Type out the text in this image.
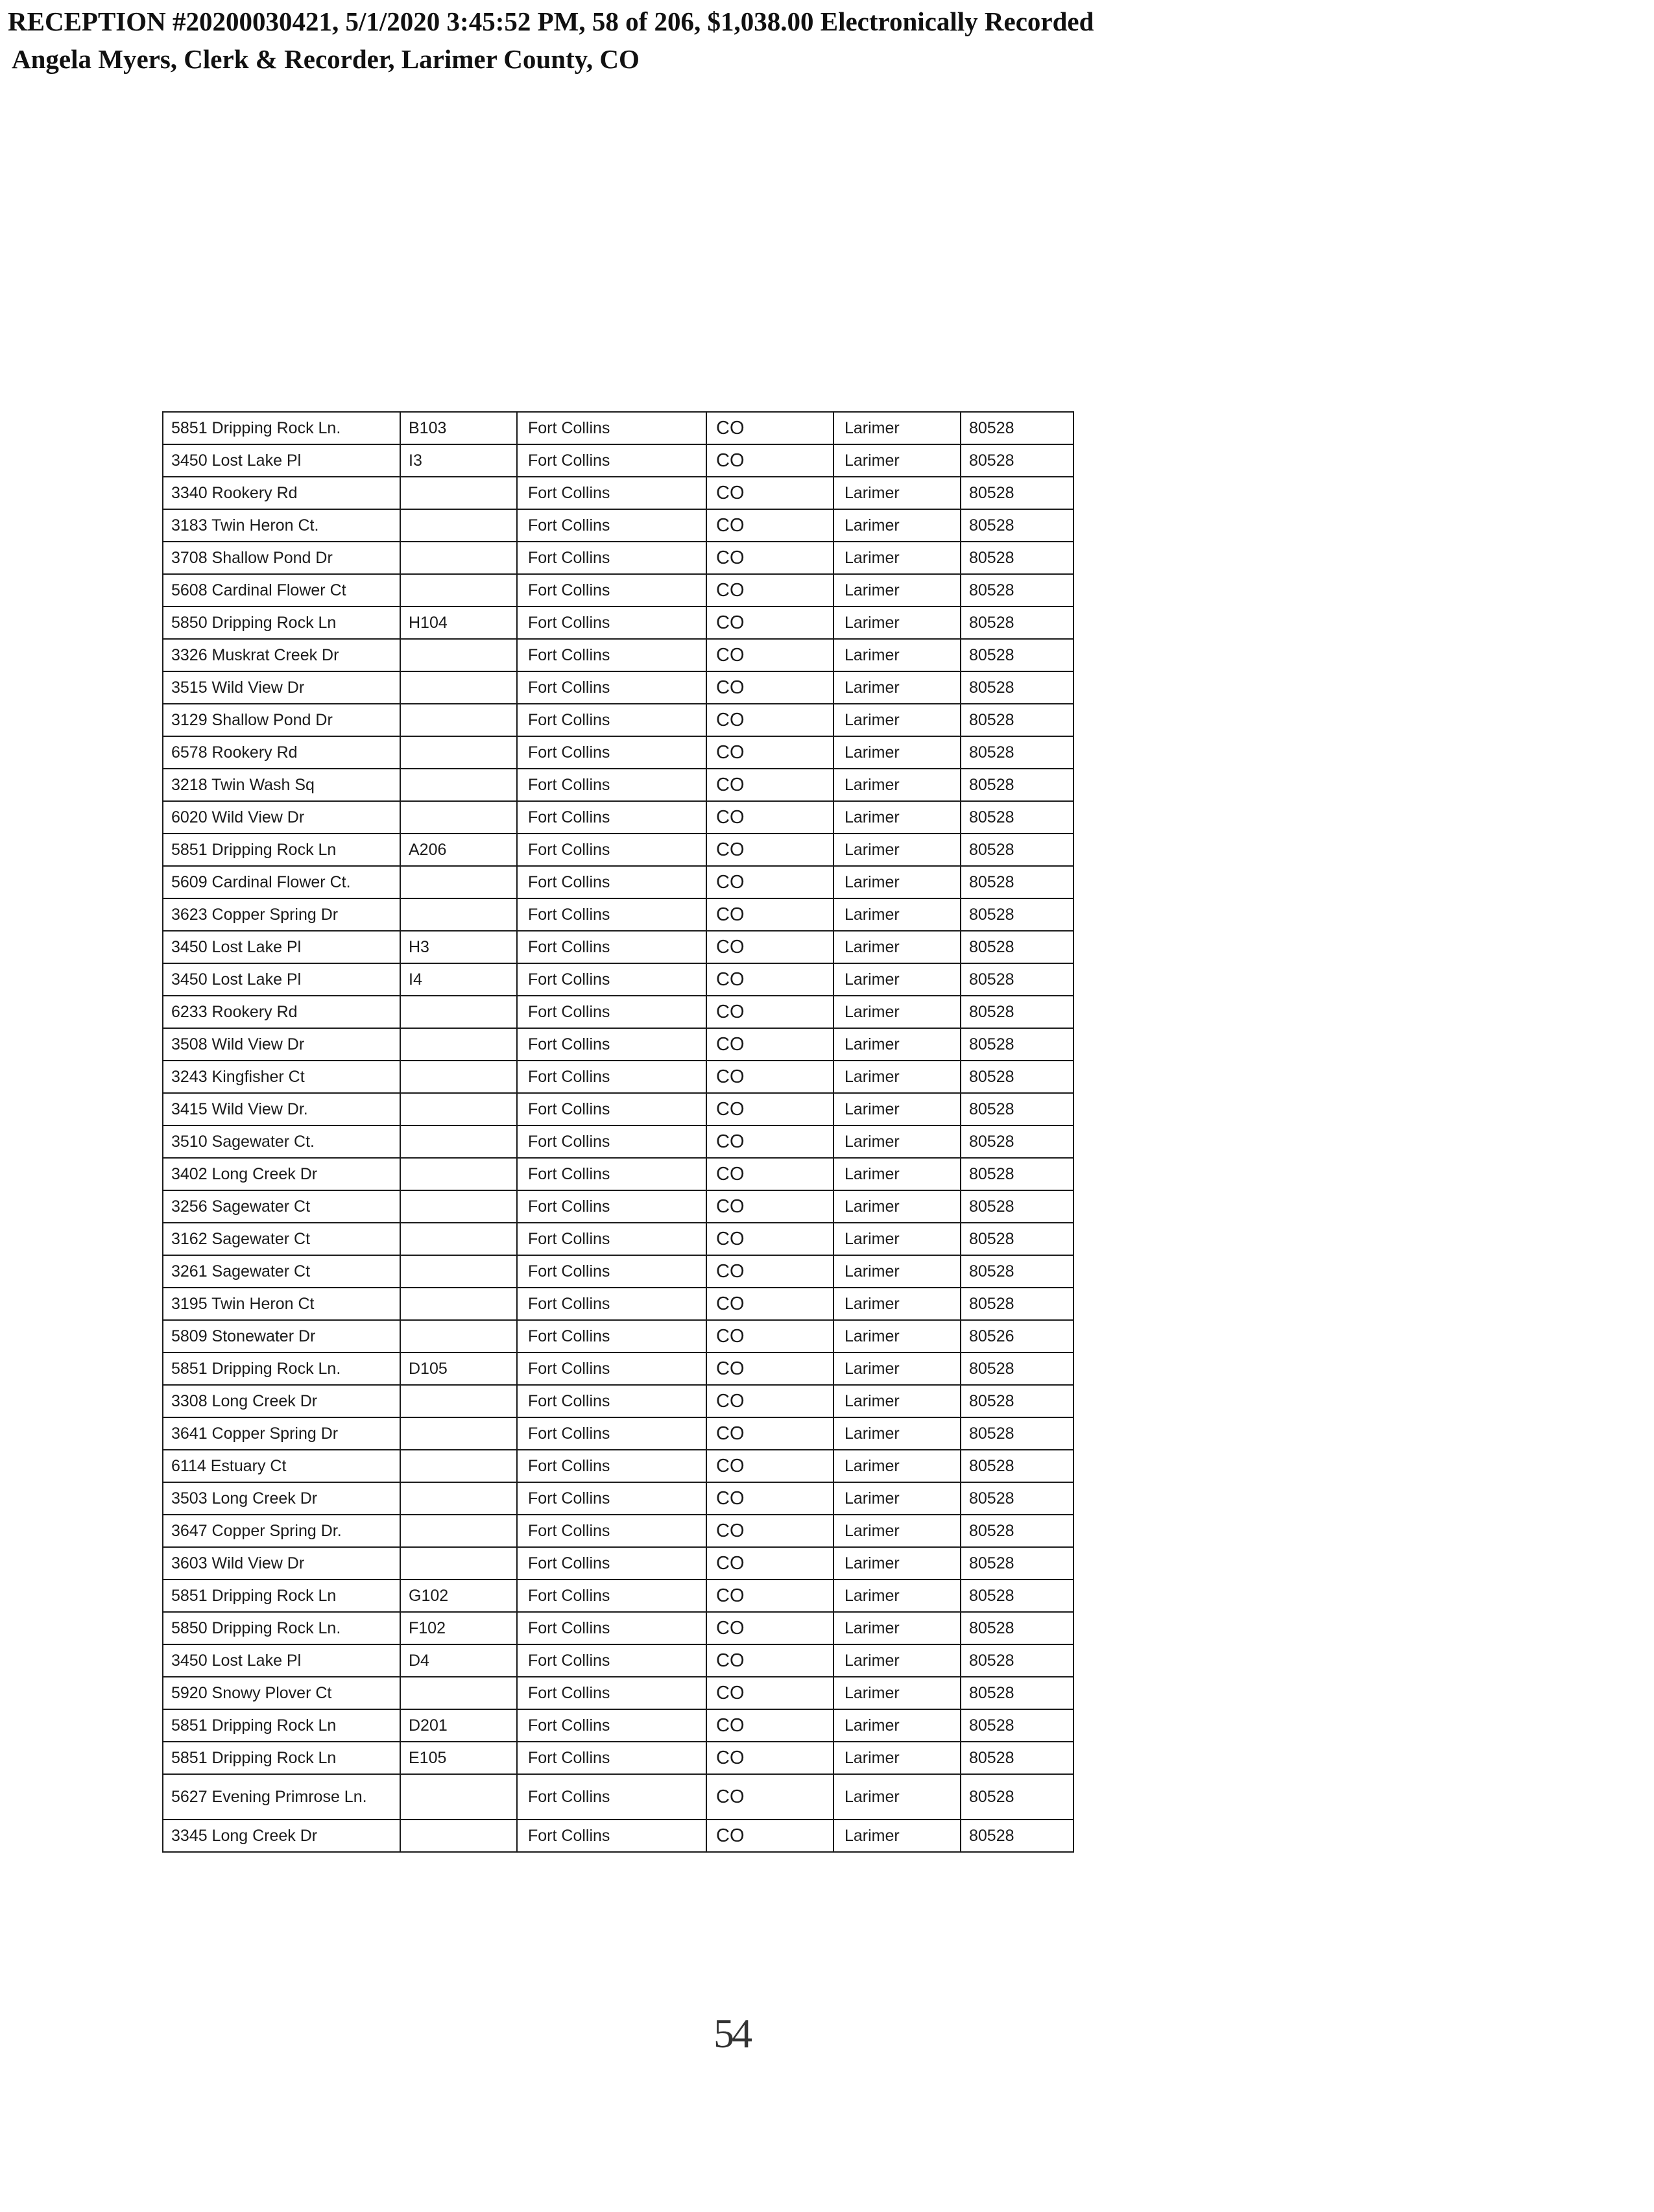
RECEPTION #20200030421, 5/1/2020 3:45:52 PM, 58 of 206, $1,038.00 Electronically Recorded
Angela Myers, Clerk & Recorder, Larimer County, CO
5851 Dripping Rock Ln.	B103	Fort Collins	CO	Larimer	80528
3450 Lost Lake Pl	I3	Fort Collins	CO	Larimer	80528
3340 Rookery Rd		Fort Collins	CO	Larimer	80528
3183 Twin Heron Ct.		Fort Collins	CO	Larimer	80528
3708 Shallow Pond Dr		Fort Collins	CO	Larimer	80528
5608 Cardinal Flower Ct		Fort Collins	CO	Larimer	80528
5850 Dripping Rock Ln	H104	Fort Collins	CO	Larimer	80528
3326 Muskrat Creek Dr		Fort Collins	CO	Larimer	80528
3515 Wild View Dr		Fort Collins	CO	Larimer	80528
3129 Shallow Pond Dr		Fort Collins	CO	Larimer	80528
6578 Rookery Rd		Fort Collins	CO	Larimer	80528
3218 Twin Wash Sq		Fort Collins	CO	Larimer	80528
6020 Wild View Dr		Fort Collins	CO	Larimer	80528
5851 Dripping Rock Ln	A206	Fort Collins	CO	Larimer	80528
5609 Cardinal Flower Ct.		Fort Collins	CO	Larimer	80528
3623 Copper Spring Dr		Fort Collins	CO	Larimer	80528
3450 Lost Lake Pl	H3	Fort Collins	CO	Larimer	80528
3450 Lost Lake Pl	I4	Fort Collins	CO	Larimer	80528
6233 Rookery Rd		Fort Collins	CO	Larimer	80528
3508 Wild View Dr		Fort Collins	CO	Larimer	80528
3243 Kingfisher Ct		Fort Collins	CO	Larimer	80528
3415 Wild View Dr.		Fort Collins	CO	Larimer	80528
3510 Sagewater Ct.		Fort Collins	CO	Larimer	80528
3402 Long Creek Dr		Fort Collins	CO	Larimer	80528
3256 Sagewater Ct		Fort Collins	CO	Larimer	80528
3162 Sagewater Ct		Fort Collins	CO	Larimer	80528
3261 Sagewater Ct		Fort Collins	CO	Larimer	80528
3195 Twin Heron Ct		Fort Collins	CO	Larimer	80528
5809 Stonewater Dr		Fort Collins	CO	Larimer	80526
5851 Dripping Rock Ln.	D105	Fort Collins	CO	Larimer	80528
3308 Long Creek Dr		Fort Collins	CO	Larimer	80528
3641 Copper Spring Dr		Fort Collins	CO	Larimer	80528
6114 Estuary Ct		Fort Collins	CO	Larimer	80528
3503 Long Creek Dr		Fort Collins	CO	Larimer	80528
3647 Copper Spring Dr.		Fort Collins	CO	Larimer	80528
3603 Wild View Dr		Fort Collins	CO	Larimer	80528
5851 Dripping Rock Ln	G102	Fort Collins	CO	Larimer	80528
5850 Dripping Rock Ln.	F102	Fort Collins	CO	Larimer	80528
3450 Lost Lake Pl	D4	Fort Collins	CO	Larimer	80528
5920 Snowy Plover Ct		Fort Collins	CO	Larimer	80528
5851 Dripping Rock Ln	D201	Fort Collins	CO	Larimer	80528
5851 Dripping Rock Ln	E105	Fort Collins	CO	Larimer	80528
5627 Evening Primrose Ln.		Fort Collins	CO	Larimer	80528
3345 Long Creek Dr		Fort Collins	CO	Larimer	80528
54
